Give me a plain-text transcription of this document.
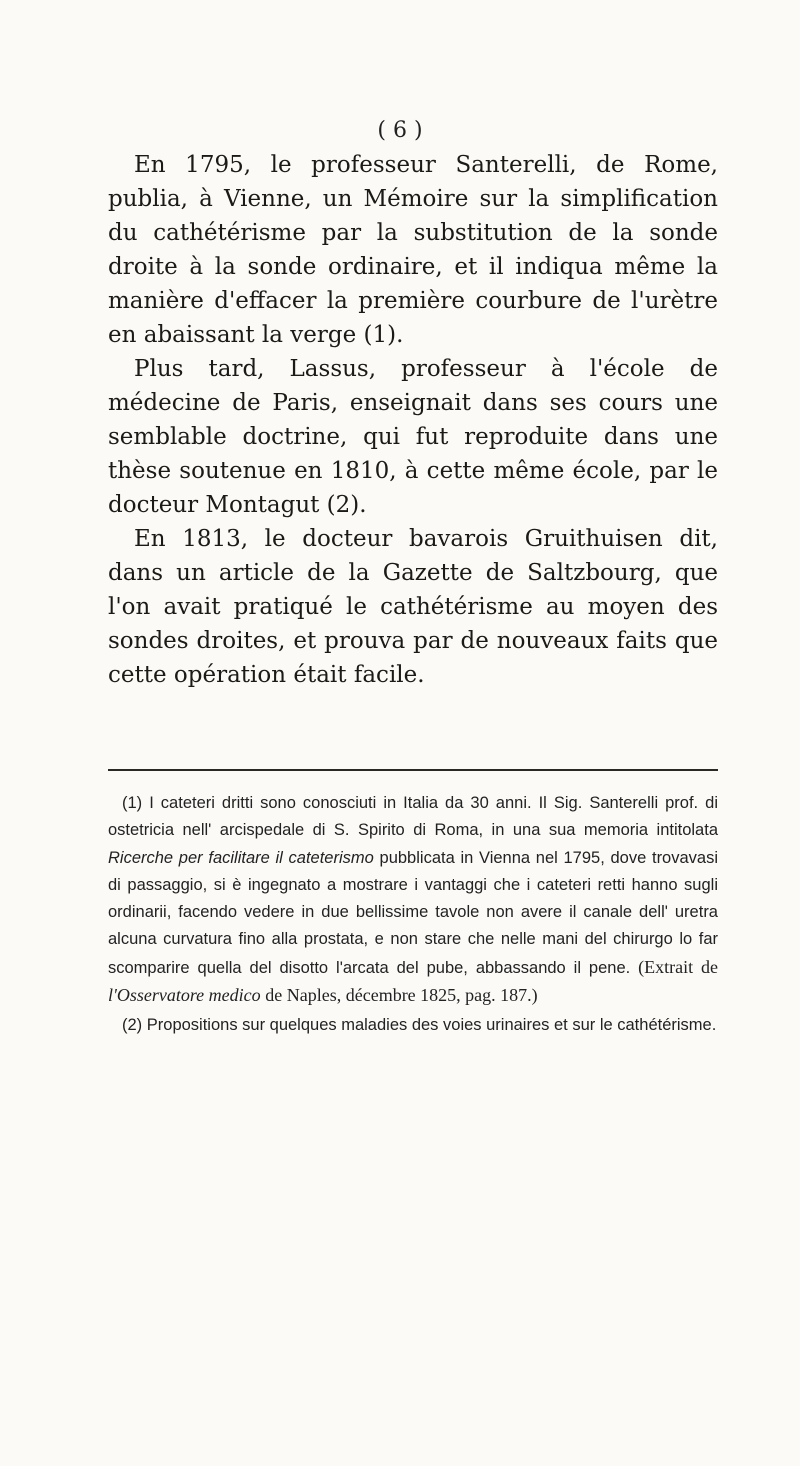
( 6 )

En 1795, le professeur Santerelli, de Rome, publia, à Vienne, un Mémoire sur la simplification du cathétérisme par la substitution de la sonde droite à la sonde ordinaire, et il indiqua même la manière d'effacer la première courbure de l'urètre en abaissant la verge (1).

Plus tard, Lassus, professeur à l'école de médecine de Paris, enseignait dans ses cours une semblable doctrine, qui fut reproduite dans une thèse soutenue en 1810, à cette même école, par le docteur Montagut (2).

En 1813, le docteur bavarois Gruithuisen dit, dans un article de la Gazette de Saltzbourg, que l'on avait pratiqué le cathétérisme au moyen des sondes droites, et prouva par de nouveaux faits que cette opération était facile.

(1) I cateteri dritti sono conosciuti in Italia da 30 anni. Il Sig. Santerelli prof. di ostetricia nell' arcispedale di S. Spirito di Roma, in una sua memoria intitolata Ricerche per facilitare il cateterismo pubblicata in Vienna nel 1795, dove trovavasi di passaggio, si è ingegnato a mostrare i vantaggi che i cateteri retti hanno sugli ordinarii, facendo vedere in due bellissime tavole non avere il canale dell' uretra alcuna curvatura fino alla prostata, e non stare che nelle mani del chirurgo lo far scomparire quella del disotto l'arcata del pube, abbassando il pene. (Extrait de l'Osservatore medico de Naples, décembre 1825, pag. 187.)

(2) Propositions sur quelques maladies des voies urinaires et sur le cathétérisme.
